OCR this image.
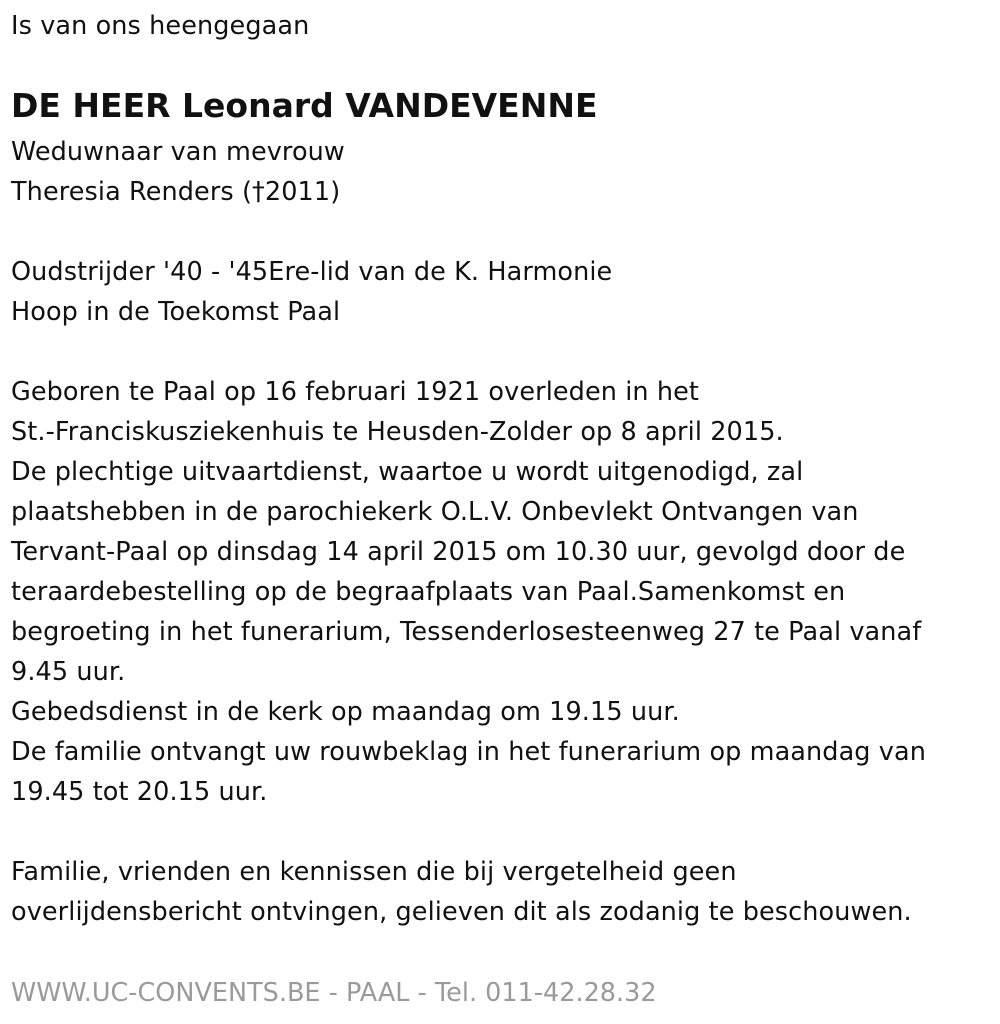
Is van ons heengegaan
DE HEER Leonard VANDEVENNE
Weduwnaar van mevrouw
Theresia Renders (†2011)
Oudstrijder '40 - '45Ere-lid van de K. Harmonie
Hoop in de Toekomst Paal
Geboren te Paal op 16 februari 1921 overleden in het
St.-Franciskusziekenhuis te Heusden-Zolder op 8 april 2015.
De plechtige uitvaartdienst, waartoe u wordt uitgenodigd, zal
plaatshebben in de parochiekerk O.L.V. Onbevlekt Ontvangen van
Tervant-Paal op dinsdag 14 april 2015 om 10.30 uur, gevolgd door de
teraardebestelling op de begraafplaats van Paal.Samenkomst en
begroeting in het funerarium, Tessenderlosesteenweg 27 te Paal vanaf
9.45 uur.
Gebedsdienst in de kerk op maandag om 19.15 uur.
De familie ontvangt uw rouwbeklag in het funerarium op maandag van
19.45 tot 20.15 uur.
Familie, vrienden en kennissen die bij vergetelheid geen
overlijdensbericht ontvingen, gelieven dit als zodanig te beschouwen.
WWW.UC-CONVENTS.BE - PAAL - Tel. 011-42.28.32
